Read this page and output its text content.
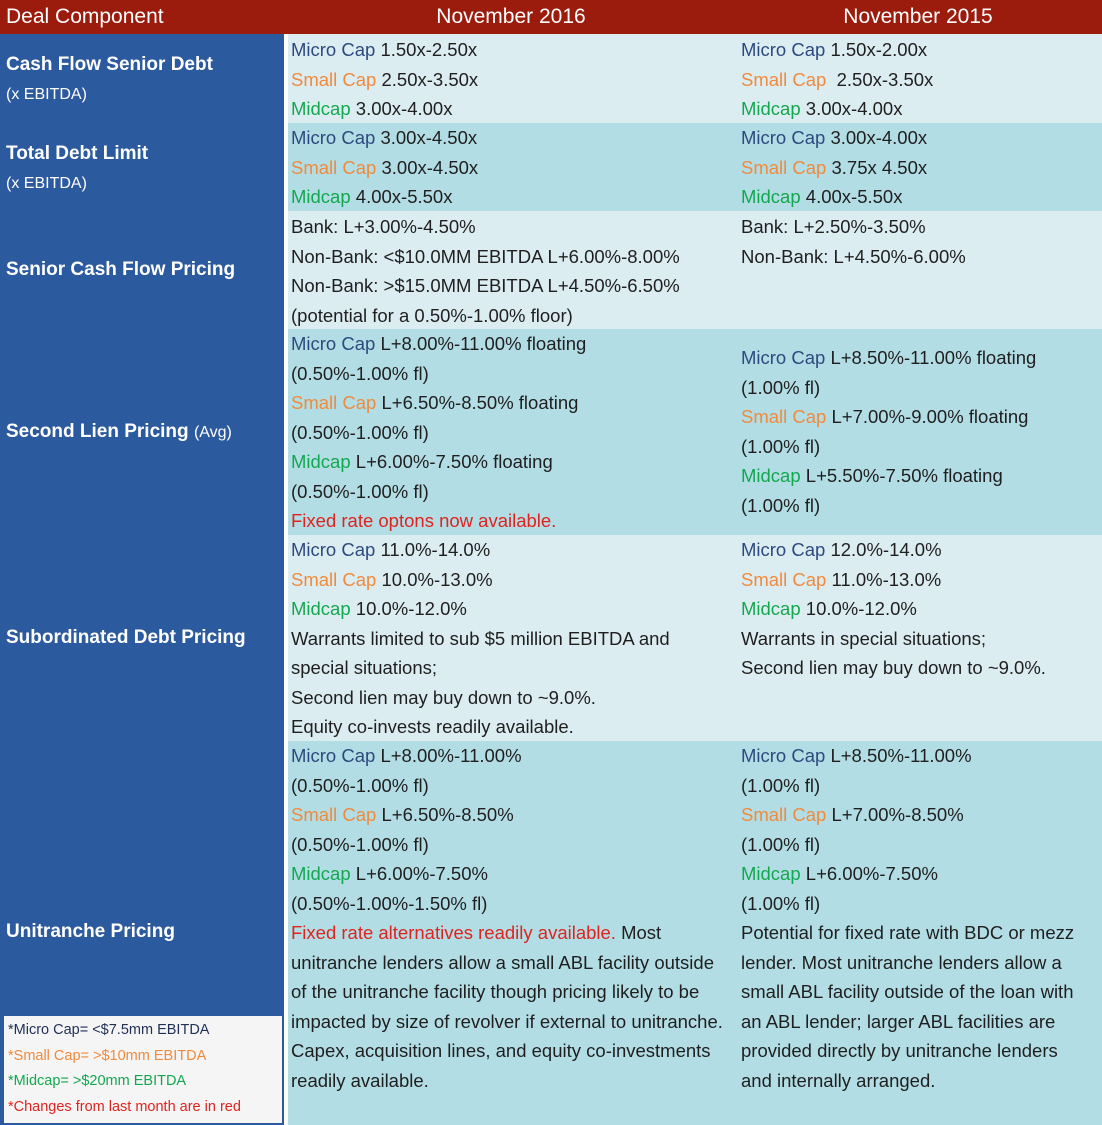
Deal Component	November 2016	November 2015
Cash Flow Senior Debt
(x EBITDA)
Total Debt Limit
(x EBITDA)
Senior Cash Flow Pricing
Second Lien Pricing (Avg)
Subordinated Debt Pricing
Unitranche Pricing
Micro Cap 1.50x-2.50x
Small Cap 2.50x-3.50x
Midcap 3.00x-4.00x
Micro Cap 1.50x-2.00x
Small Cap  2.50x-3.50x
Midcap 3.00x-4.00x
Micro Cap 3.00x-4.50x
Small Cap 3.00x-4.50x
Midcap 4.00x-5.50x
Micro Cap 3.00x-4.00x
Small Cap 3.75x 4.50x
Midcap 4.00x-5.50x
Bank: L+3.00%-4.50%
Non-Bank: <$10.0MM EBITDA L+6.00%-8.00%
Non-Bank: >$15.0MM EBITDA L+4.50%-6.50%
(potential for a 0.50%-1.00% floor)
Bank: L+2.50%-3.50%
Non-Bank: L+4.50%-6.00%
Micro Cap L+8.00%-11.00% floating
(0.50%-1.00% fl)
Small Cap L+6.50%-8.50% floating
(0.50%-1.00% fl)
Midcap L+6.00%-7.50% floating
(0.50%-1.00% fl)
Fixed rate optons now available.
Micro Cap L+8.50%-11.00% floating
(1.00% fl)
Small Cap L+7.00%-9.00% floating
(1.00% fl)
Midcap L+5.50%-7.50% floating
(1.00% fl)
Micro Cap 11.0%-14.0%
Small Cap 10.0%-13.0%
Midcap 10.0%-12.0%
Warrants limited to sub $5 million EBITDA and
special situations;
Second lien may buy down to ~9.0%.
Equity co-invests readily available.
Micro Cap 12.0%-14.0%
Small Cap 11.0%-13.0%
Midcap 10.0%-12.0%
Warrants in special situations;
Second lien may buy down to ~9.0%.
Micro Cap L+8.00%-11.00%
(0.50%-1.00% fl)
Small Cap L+6.50%-8.50%
(0.50%-1.00% fl)
Midcap L+6.00%-7.50%
(0.50%-1.00%-1.50% fl)
Fixed rate alternatives readily available. Most unitranche lenders allow a small ABL facility outside of the unitranche facility though pricing likely to be impacted by size of revolver if external to unitranche. Capex, acquisition lines, and equity co-investments readily available.
Micro Cap L+8.50%-11.00%
(1.00% fl)
Small Cap L+7.00%-8.50%
(1.00% fl)
Midcap L+6.00%-7.50%
(1.00% fl)
Potential for fixed rate with BDC or mezz lender. Most unitranche lenders allow a small ABL facility outside of the loan with an ABL lender; larger ABL facilities are provided directly by unitranche lenders and internally arranged.
*Micro Cap= <$7.5mm EBITDA
*Small Cap= >$10mm EBITDA
*Midcap= >$20mm EBITDA
*Changes from last month are in red
